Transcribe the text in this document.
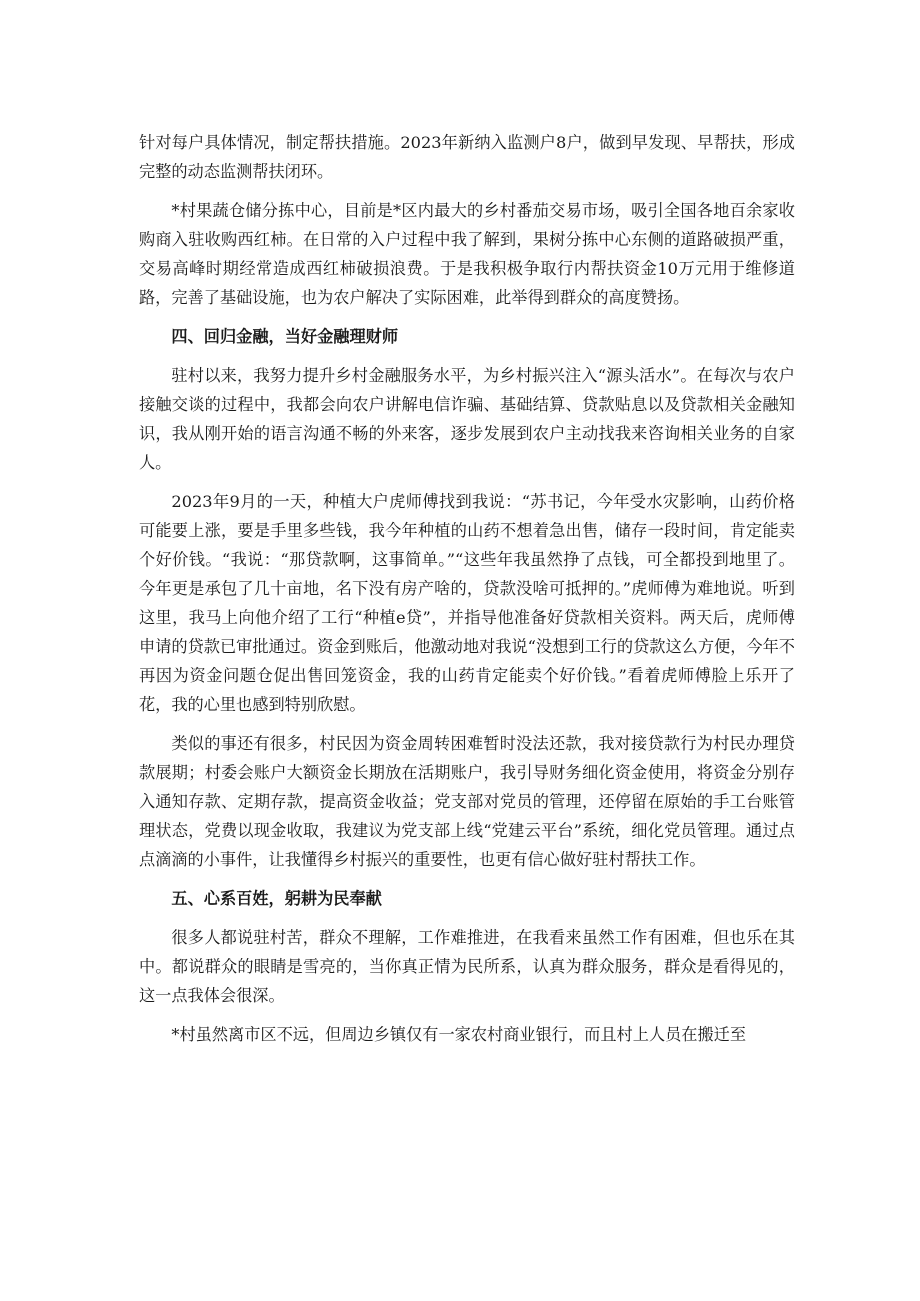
针对每户具体情况，制定帮扶措施。2023年新纳入监测户8户，做到早发现、早帮扶，形成完整的动态监测帮扶闭环。

*村果蔬仓储分拣中心，目前是*区内最大的乡村番茄交易市场，吸引全国各地百余家收购商入驻收购西红柿。在日常的入户过程中我了解到，果树分拣中心东侧的道路破损严重，交易高峰时期经常造成西红柿破损浪费。于是我积极争取行内帮扶资金10万元用于维修道路，完善了基础设施，也为农户解决了实际困难，此举得到群众的高度赞扬。

四、回归金融，当好金融理财师

驻村以来，我努力提升乡村金融服务水平，为乡村振兴注入“源头活水”。在每次与农户接触交谈的过程中，我都会向农户讲解电信诈骗、基础结算、贷款贴息以及贷款相关金融知识，我从刚开始的语言沟通不畅的外来客，逐步发展到农户主动找我来咨询相关业务的自家人。

2023年9月的一天，种植大户虎师傅找到我说：“苏书记，今年受水灾影响，山药价格可能要上涨，要是手里多些钱，我今年种植的山药不想着急出售，储存一段时间，肯定能卖个好价钱。“我说：“那贷款啊，这事简单。”“这些年我虽然挣了点钱，可全都投到地里了。今年更是承包了几十亩地，名下没有房产啥的，贷款没啥可抵押的。”虎师傅为难地说。听到这里，我马上向他介绍了工行“种植e贷”，并指导他准备好贷款相关资料。两天后，虎师傅申请的贷款已审批通过。资金到账后，他激动地对我说“没想到工行的贷款这么方便，今年不再因为资金问题仓促出售回笼资金，我的山药肯定能卖个好价钱。”看着虎师傅脸上乐开了花，我的心里也感到特别欣慰。

类似的事还有很多，村民因为资金周转困难暂时没法还款，我对接贷款行为村民办理贷款展期；村委会账户大额资金长期放在活期账户，我引导财务细化资金使用，将资金分别存入通知存款、定期存款，提高资金收益；党支部对党员的管理，还停留在原始的手工台账管理状态，党费以现金收取，我建议为党支部上线“党建云平台”系统，细化党员管理。通过点点滴滴的小事件，让我懂得乡村振兴的重要性，也更有信心做好驻村帮扶工作。

五、心系百姓，躬耕为民奉献

很多人都说驻村苦，群众不理解，工作难推进，在我看来虽然工作有困难，但也乐在其中。都说群众的眼睛是雪亮的，当你真正情为民所系，认真为群众服务，群众是看得见的，这一点我体会很深。

*村虽然离市区不远，但周边乡镇仅有一家农村商业银行，而且村上人员在搬迁至
